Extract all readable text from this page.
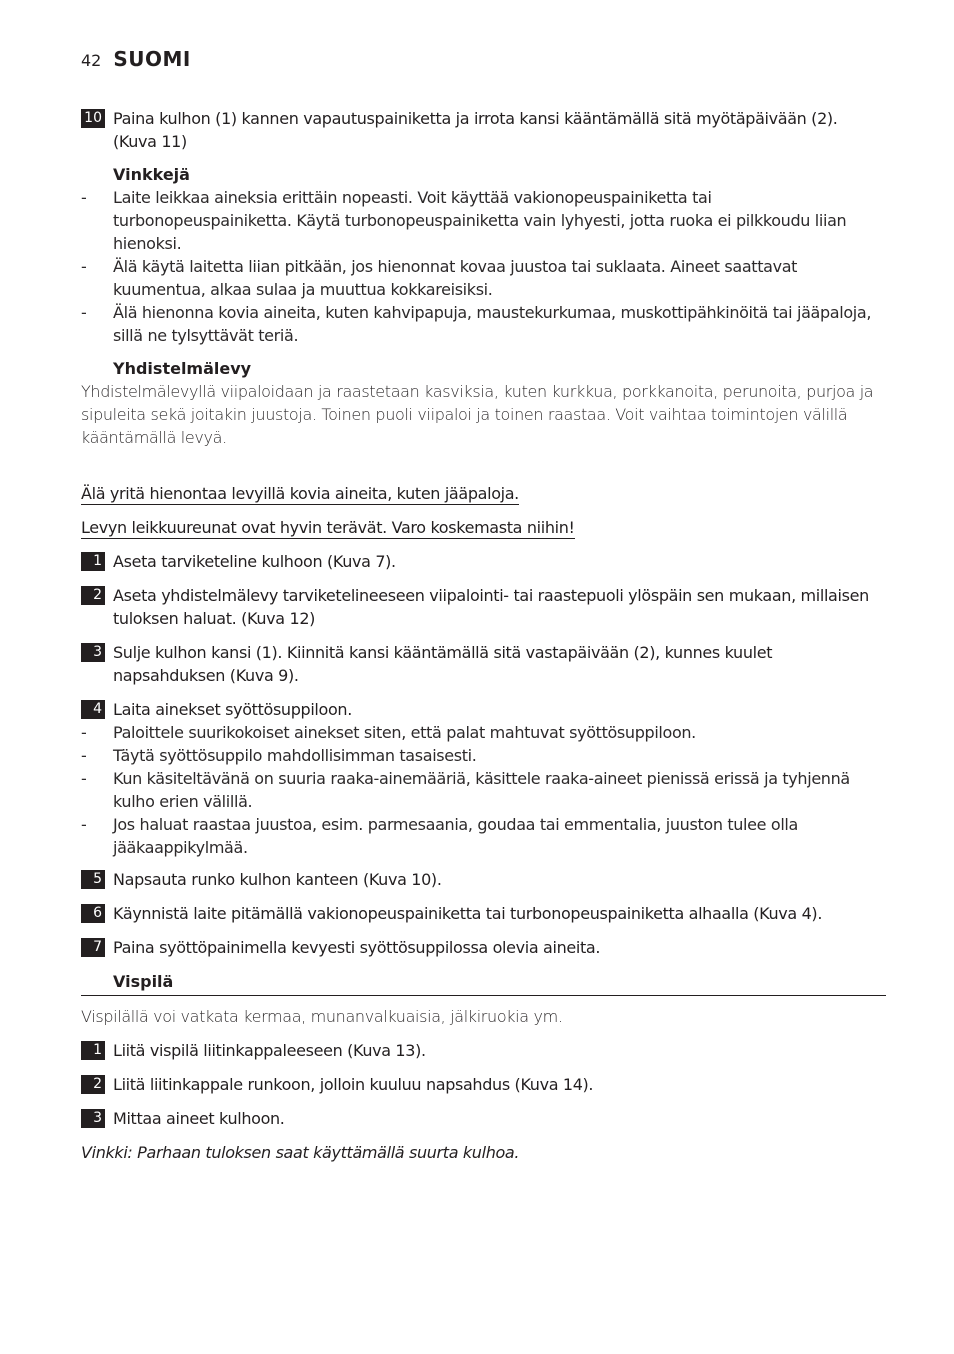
42 SUOMI
10 Paina kulhon (1) kannen vapautuspainiketta ja irrota kansi kääntämällä sitä myötäpäivään (2). (Kuva 11)
Vinkkejä
-	Laite leikkaa aineksia erittäin nopeasti. Voit käyttää vakionopeuspainiketta tai turbonopeuspainiketta. Käytä turbonopeuspainiketta vain lyhyesti, jotta ruoka ei pilkkoudu liian hienoksi.
-	Älä käytä laitetta liian pitkään, jos hienonnat kovaa juustoa tai suklaata. Aineet saattavat kuumentua, alkaa sulaa ja muuttua kokkareisiksi.
-	Älä hienonna kovia aineita, kuten kahvipapuja, maustekurkumaa, muskottipähkinöitä tai jääpaloja, sillä ne tylsyttävät teriä.
Yhdistelmälevy
Yhdistelmälevyllä viipaloidaan ja raastetaan kasviksia, kuten kurkkua, porkkanoita, perunoita, purjoa ja sipuleita sekä joitakin juustoja. Toinen puoli viipaloi ja toinen raastaa. Voit vaihtaa toimintojen välillä kääntämällä levyä.
Älä yritä hienontaa levyillä kovia aineita, kuten jääpaloja.
Levyn leikkuureunat ovat hyvin terävät. Varo koskemasta niihin!
1 Aseta tarviketeline kulhoon (Kuva 7).
2 Aseta yhdistelmälevy tarviketelineeseen viipalointi- tai raastepuoli ylöspäin sen mukaan, millaisen tuloksen haluat. (Kuva 12)
3 Sulje kulhon kansi (1). Kiinnitä kansi kääntämällä sitä vastapäivään (2), kunnes kuulet napsahduksen (Kuva 9).
4 Laita ainekset syöttösuppiloon.
-	Paloittele suurikokoiset ainekset siten, että palat mahtuvat syöttösuppiloon.
-	Täytä syöttösuppilo mahdollisimman tasaisesti.
-	Kun käsiteltävänä on suuria raaka-ainemääriä, käsittele raaka-aineet pienissä erissä ja tyhjennä kulho erien välillä.
-	Jos haluat raastaa juustoa, esim. parmesaania, goudaa tai emmentalia, juuston tulee olla jääkaappikylmää.
5 Napsauta runko kulhon kanteen (Kuva 10).
6 Käynnistä laite pitämällä vakionopeuspainiketta tai turbonopeuspainiketta alhaalla (Kuva 4).
7 Paina syöttöpainimella kevyesti syöttösuppilossa olevia aineita.
Vispilä
Vispilällä voi vatkata kermaa, munanvalkuaisia, jälkiruokia ym.
1 Liitä vispilä liitinkappaleeseen (Kuva 13).
2 Liitä liitinkappale runkoon, jolloin kuuluu napsahdus (Kuva 14).
3 Mittaa aineet kulhoon.
Vinkki: Parhaan tuloksen saat käyttämällä suurta kulhoa.
